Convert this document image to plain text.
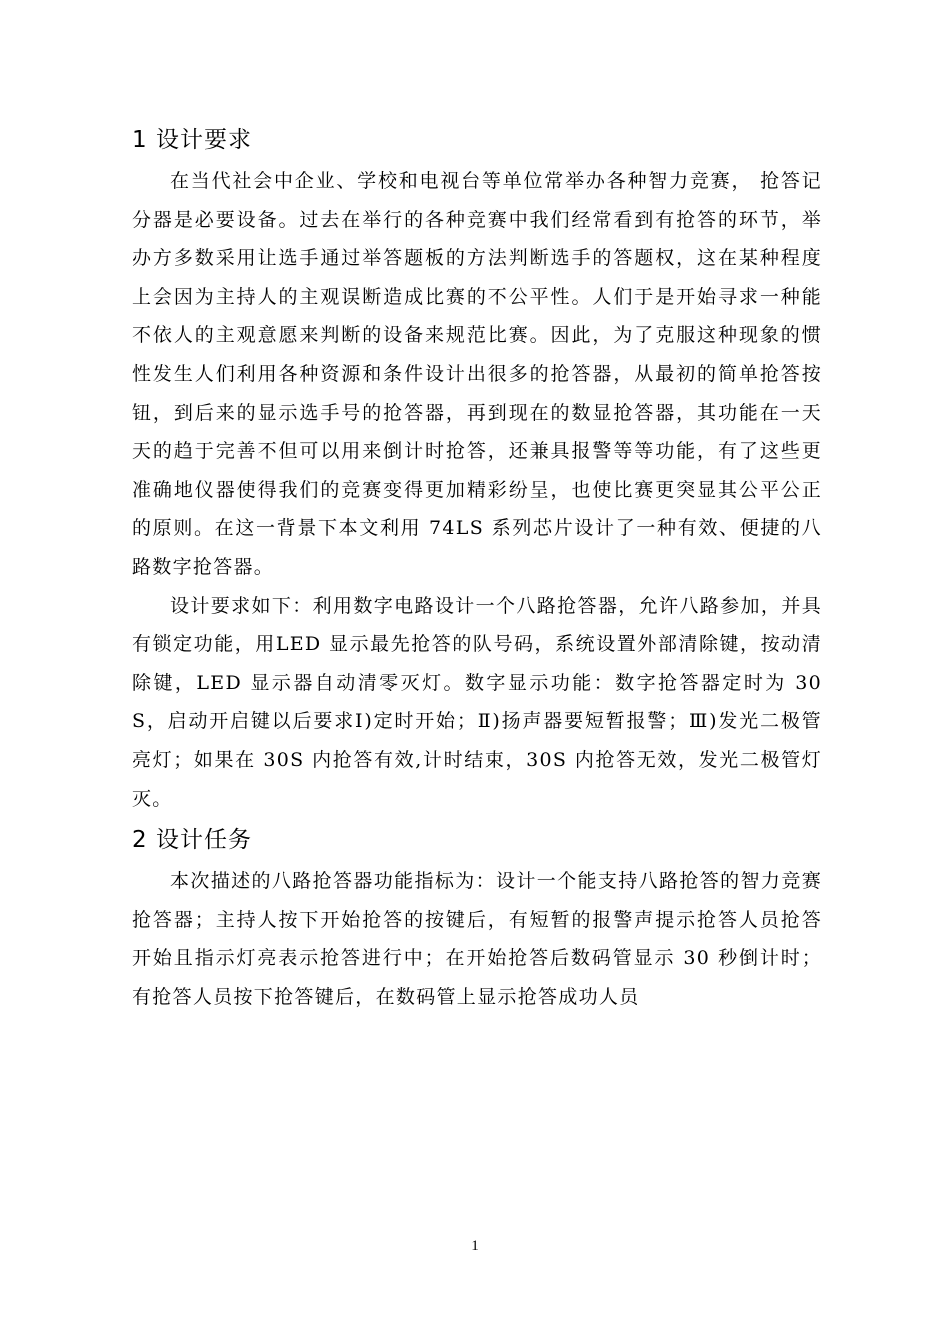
1 设计要求

在当代社会中企业、学校和电视台等单位常举办各种智力竞赛， 抢答记分器是必要设备。过去在举行的各种竞赛中我们经常看到有抢答的环节，举办方多数采用让选手通过举答题板的方法判断选手的答题权，这在某种程度上会因为主持人的主观误断造成比赛的不公平性。人们于是开始寻求一种能不依人的主观意愿来判断的设备来规范比赛。因此，为了克服这种现象的惯性发生人们利用各种资源和条件设计出很多的抢答器，从最初的简单抢答按钮，到后来的显示选手号的抢答器，再到现在的数显抢答器，其功能在一天天的趋于完善不但可以用来倒计时抢答，还兼具报警等等功能，有了这些更准确地仪器使得我们的竞赛变得更加精彩纷呈，也使比赛更突显其公平公正的原则。在这一背景下本文利用 74LS 系列芯片设计了一种有效、便捷的八路数字抢答器。

设计要求如下：利用数字电路设计一个八路抢答器，允许八路参加，并具有锁定功能，用LED 显示最先抢答的队号码，系统设置外部清除键，按动清除键，LED 显示器自动清零灭灯。数字显示功能：数字抢答器定时为 30S，启动开启键以后要求Ⅰ)定时开始；Ⅱ)扬声器要短暂报警；Ⅲ)发光二极管亮灯；如果在 30S 内抢答有效,计时结束，30S 内抢答无效，发光二极管灯灭。

2 设计任务

本次描述的八路抢答器功能指标为：设计一个能支持八路抢答的智力竞赛抢答器；主持人按下开始抢答的按键后，有短暂的报警声提示抢答人员抢答开始且指示灯亮表示抢答进行中；在开始抢答后数码管显示 30 秒倒计时；有抢答人员按下抢答键后，在数码管上显示抢答成功人员

1
